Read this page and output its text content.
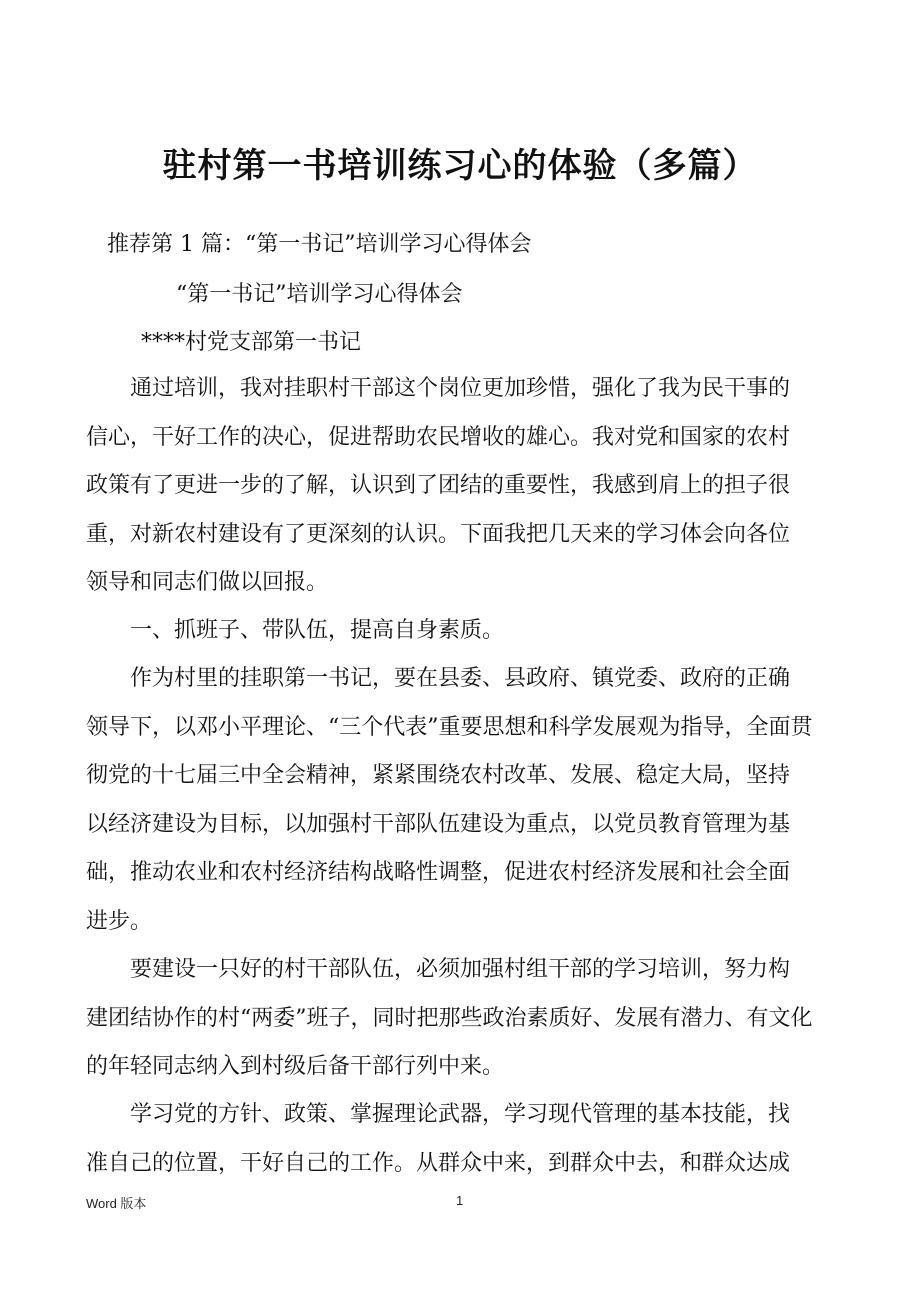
驻村第一书培训练习心的体验（多篇）
推荐第 1 篇：“第一书记”培训学习心得体会
“第一书记”培训学习心得体会
****村党支部第一书记
通过培训，我对挂职村干部这个岗位更加珍惜，强化了我为民干事的
信心，干好工作的决心，促进帮助农民增收的雄心。我对党和国家的农村
政策有了更进一步的了解，认识到了团结的重要性，我感到肩上的担子很
重，对新农村建设有了更深刻的认识。下面我把几天来的学习体会向各位
领导和同志们做以回报。
一、抓班子、带队伍，提高自身素质。
作为村里的挂职第一书记，要在县委、县政府、镇党委、政府的正确
领导下，以邓小平理论、“三个代表”重要思想和科学发展观为指导，全面贯
彻党的十七届三中全会精神，紧紧围绕农村改革、发展、稳定大局，坚持
以经济建设为目标，以加强村干部队伍建设为重点，以党员教育管理为基
础，推动农业和农村经济结构战略性调整，促进农村经济发展和社会全面
进步。
要建设一只好的村干部队伍，必须加强村组干部的学习培训，努力构
建团结协作的村“两委”班子，同时把那些政治素质好、发展有潜力、有文化
的年轻同志纳入到村级后备干部行列中来。
学习党的方针、政策、掌握理论武器，学习现代管理的基本技能，找
准自己的位置，干好自己的工作。从群众中来，到群众中去，和群众达成
Word 版本	1
